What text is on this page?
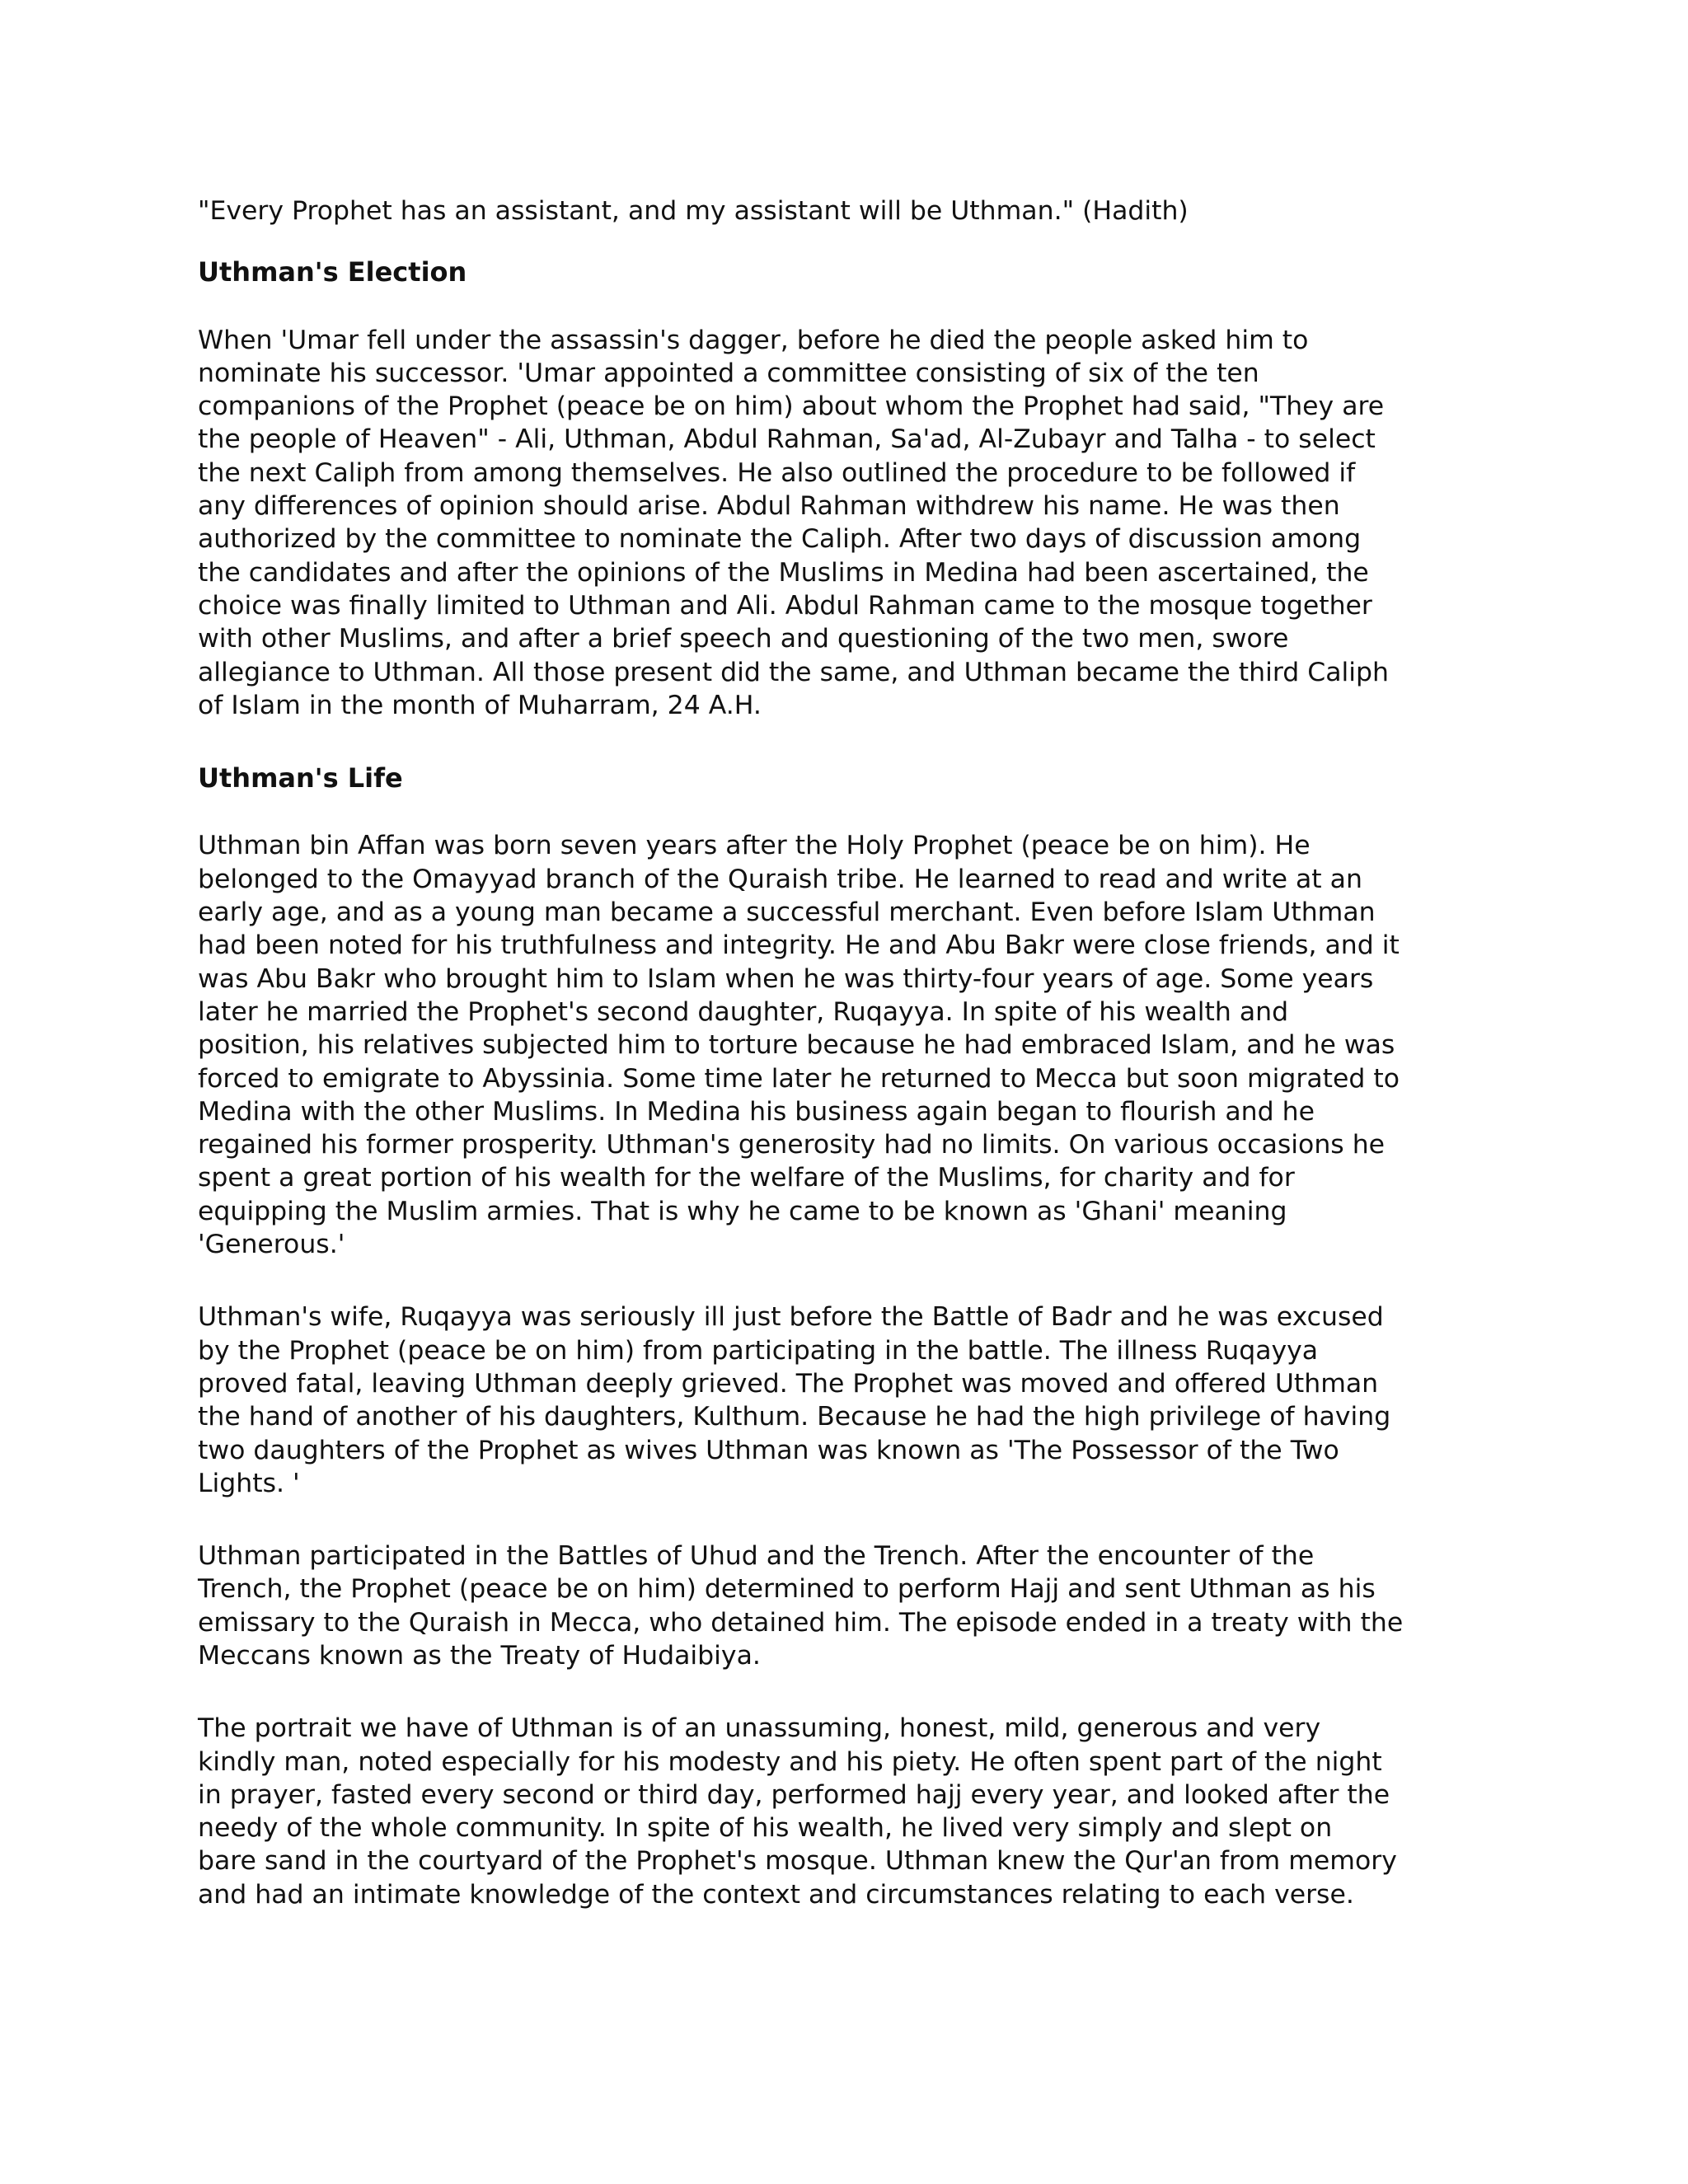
"Every Prophet has an assistant, and my assistant will be Uthman." (Hadith)
Uthman's Election
When 'Umar fell under the assassin's dagger, before he died the people asked him to
nominate his successor. 'Umar appointed a committee consisting of six of the ten
companions of the Prophet (peace be on him) about whom the Prophet had said, "They are
the people of Heaven" - Ali, Uthman, Abdul Rahman, Sa'ad, Al-Zubayr and Talha - to select
the next Caliph from among themselves. He also outlined the procedure to be followed if
any differences of opinion should arise. Abdul Rahman withdrew his name. He was then
authorized by the committee to nominate the Caliph. After two days of discussion among
the candidates and after the opinions of the Muslims in Medina had been ascertained, the
choice was finally limited to Uthman and Ali. Abdul Rahman came to the mosque together
with other Muslims, and after a brief speech and questioning of the two men, swore
allegiance to Uthman. All those present did the same, and Uthman became the third Caliph
of Islam in the month of Muharram, 24 A.H.
Uthman's Life
Uthman bin Affan was born seven years after the Holy Prophet (peace be on him). He
belonged to the Omayyad branch of the Quraish tribe. He learned to read and write at an
early age, and as a young man became a successful merchant. Even before Islam Uthman
had been noted for his truthfulness and integrity. He and Abu Bakr were close friends, and it
was Abu Bakr who brought him to Islam when he was thirty-four years of age. Some years
later he married the Prophet's second daughter, Ruqayya. In spite of his wealth and
position, his relatives subjected him to torture because he had embraced Islam, and he was
forced to emigrate to Abyssinia. Some time later he returned to Mecca but soon migrated to
Medina with the other Muslims. In Medina his business again began to flourish and he
regained his former prosperity. Uthman's generosity had no limits. On various occasions he
spent a great portion of his wealth for the welfare of the Muslims, for charity and for
equipping the Muslim armies. That is why he came to be known as 'Ghani' meaning
'Generous.'
Uthman's wife, Ruqayya was seriously ill just before the Battle of Badr and he was excused
by the Prophet (peace be on him) from participating in the battle. The illness Ruqayya
proved fatal, leaving Uthman deeply grieved. The Prophet was moved and offered Uthman
the hand of another of his daughters, Kulthum. Because he had the high privilege of having
two daughters of the Prophet as wives Uthman was known as 'The Possessor of the Two
Lights. '
Uthman participated in the Battles of Uhud and the Trench. After the encounter of the
Trench, the Prophet (peace be on him) determined to perform Hajj and sent Uthman as his
emissary to the Quraish in Mecca, who detained him. The episode ended in a treaty with the
Meccans known as the Treaty of Hudaibiya.
The portrait we have of Uthman is of an unassuming, honest, mild, generous and very
kindly man, noted especially for his modesty and his piety. He often spent part of the night
in prayer, fasted every second or third day, performed hajj every year, and looked after the
needy of the whole community. In spite of his wealth, he lived very simply and slept on
bare sand in the courtyard of the Prophet's mosque. Uthman knew the Qur'an from memory
and had an intimate knowledge of the context and circumstances relating to each verse.
